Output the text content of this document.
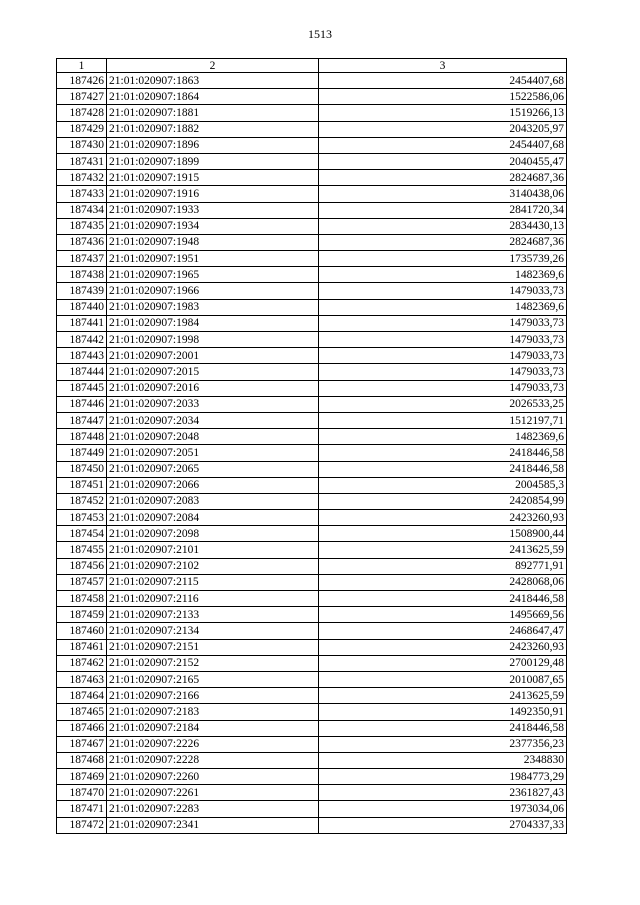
1513
1	2	3
187426	21:01:020907:1863	2454407,68
187427	21:01:020907:1864	1522586,06
187428	21:01:020907:1881	1519266,13
187429	21:01:020907:1882	2043205,97
187430	21:01:020907:1896	2454407,68
187431	21:01:020907:1899	2040455,47
187432	21:01:020907:1915	2824687,36
187433	21:01:020907:1916	3140438,06
187434	21:01:020907:1933	2841720,34
187435	21:01:020907:1934	2834430,13
187436	21:01:020907:1948	2824687,36
187437	21:01:020907:1951	1735739,26
187438	21:01:020907:1965	1482369,6
187439	21:01:020907:1966	1479033,73
187440	21:01:020907:1983	1482369,6
187441	21:01:020907:1984	1479033,73
187442	21:01:020907:1998	1479033,73
187443	21:01:020907:2001	1479033,73
187444	21:01:020907:2015	1479033,73
187445	21:01:020907:2016	1479033,73
187446	21:01:020907:2033	2026533,25
187447	21:01:020907:2034	1512197,71
187448	21:01:020907:2048	1482369,6
187449	21:01:020907:2051	2418446,58
187450	21:01:020907:2065	2418446,58
187451	21:01:020907:2066	2004585,3
187452	21:01:020907:2083	2420854,99
187453	21:01:020907:2084	2423260,93
187454	21:01:020907:2098	1508900,44
187455	21:01:020907:2101	2413625,59
187456	21:01:020907:2102	892771,91
187457	21:01:020907:2115	2428068,06
187458	21:01:020907:2116	2418446,58
187459	21:01:020907:2133	1495669,56
187460	21:01:020907:2134	2468647,47
187461	21:01:020907:2151	2423260,93
187462	21:01:020907:2152	2700129,48
187463	21:01:020907:2165	2010087,65
187464	21:01:020907:2166	2413625,59
187465	21:01:020907:2183	1492350,91
187466	21:01:020907:2184	2418446,58
187467	21:01:020907:2226	2377356,23
187468	21:01:020907:2228	2348830
187469	21:01:020907:2260	1984773,29
187470	21:01:020907:2261	2361827,43
187471	21:01:020907:2283	1973034,06
187472	21:01:020907:2341	2704337,33
